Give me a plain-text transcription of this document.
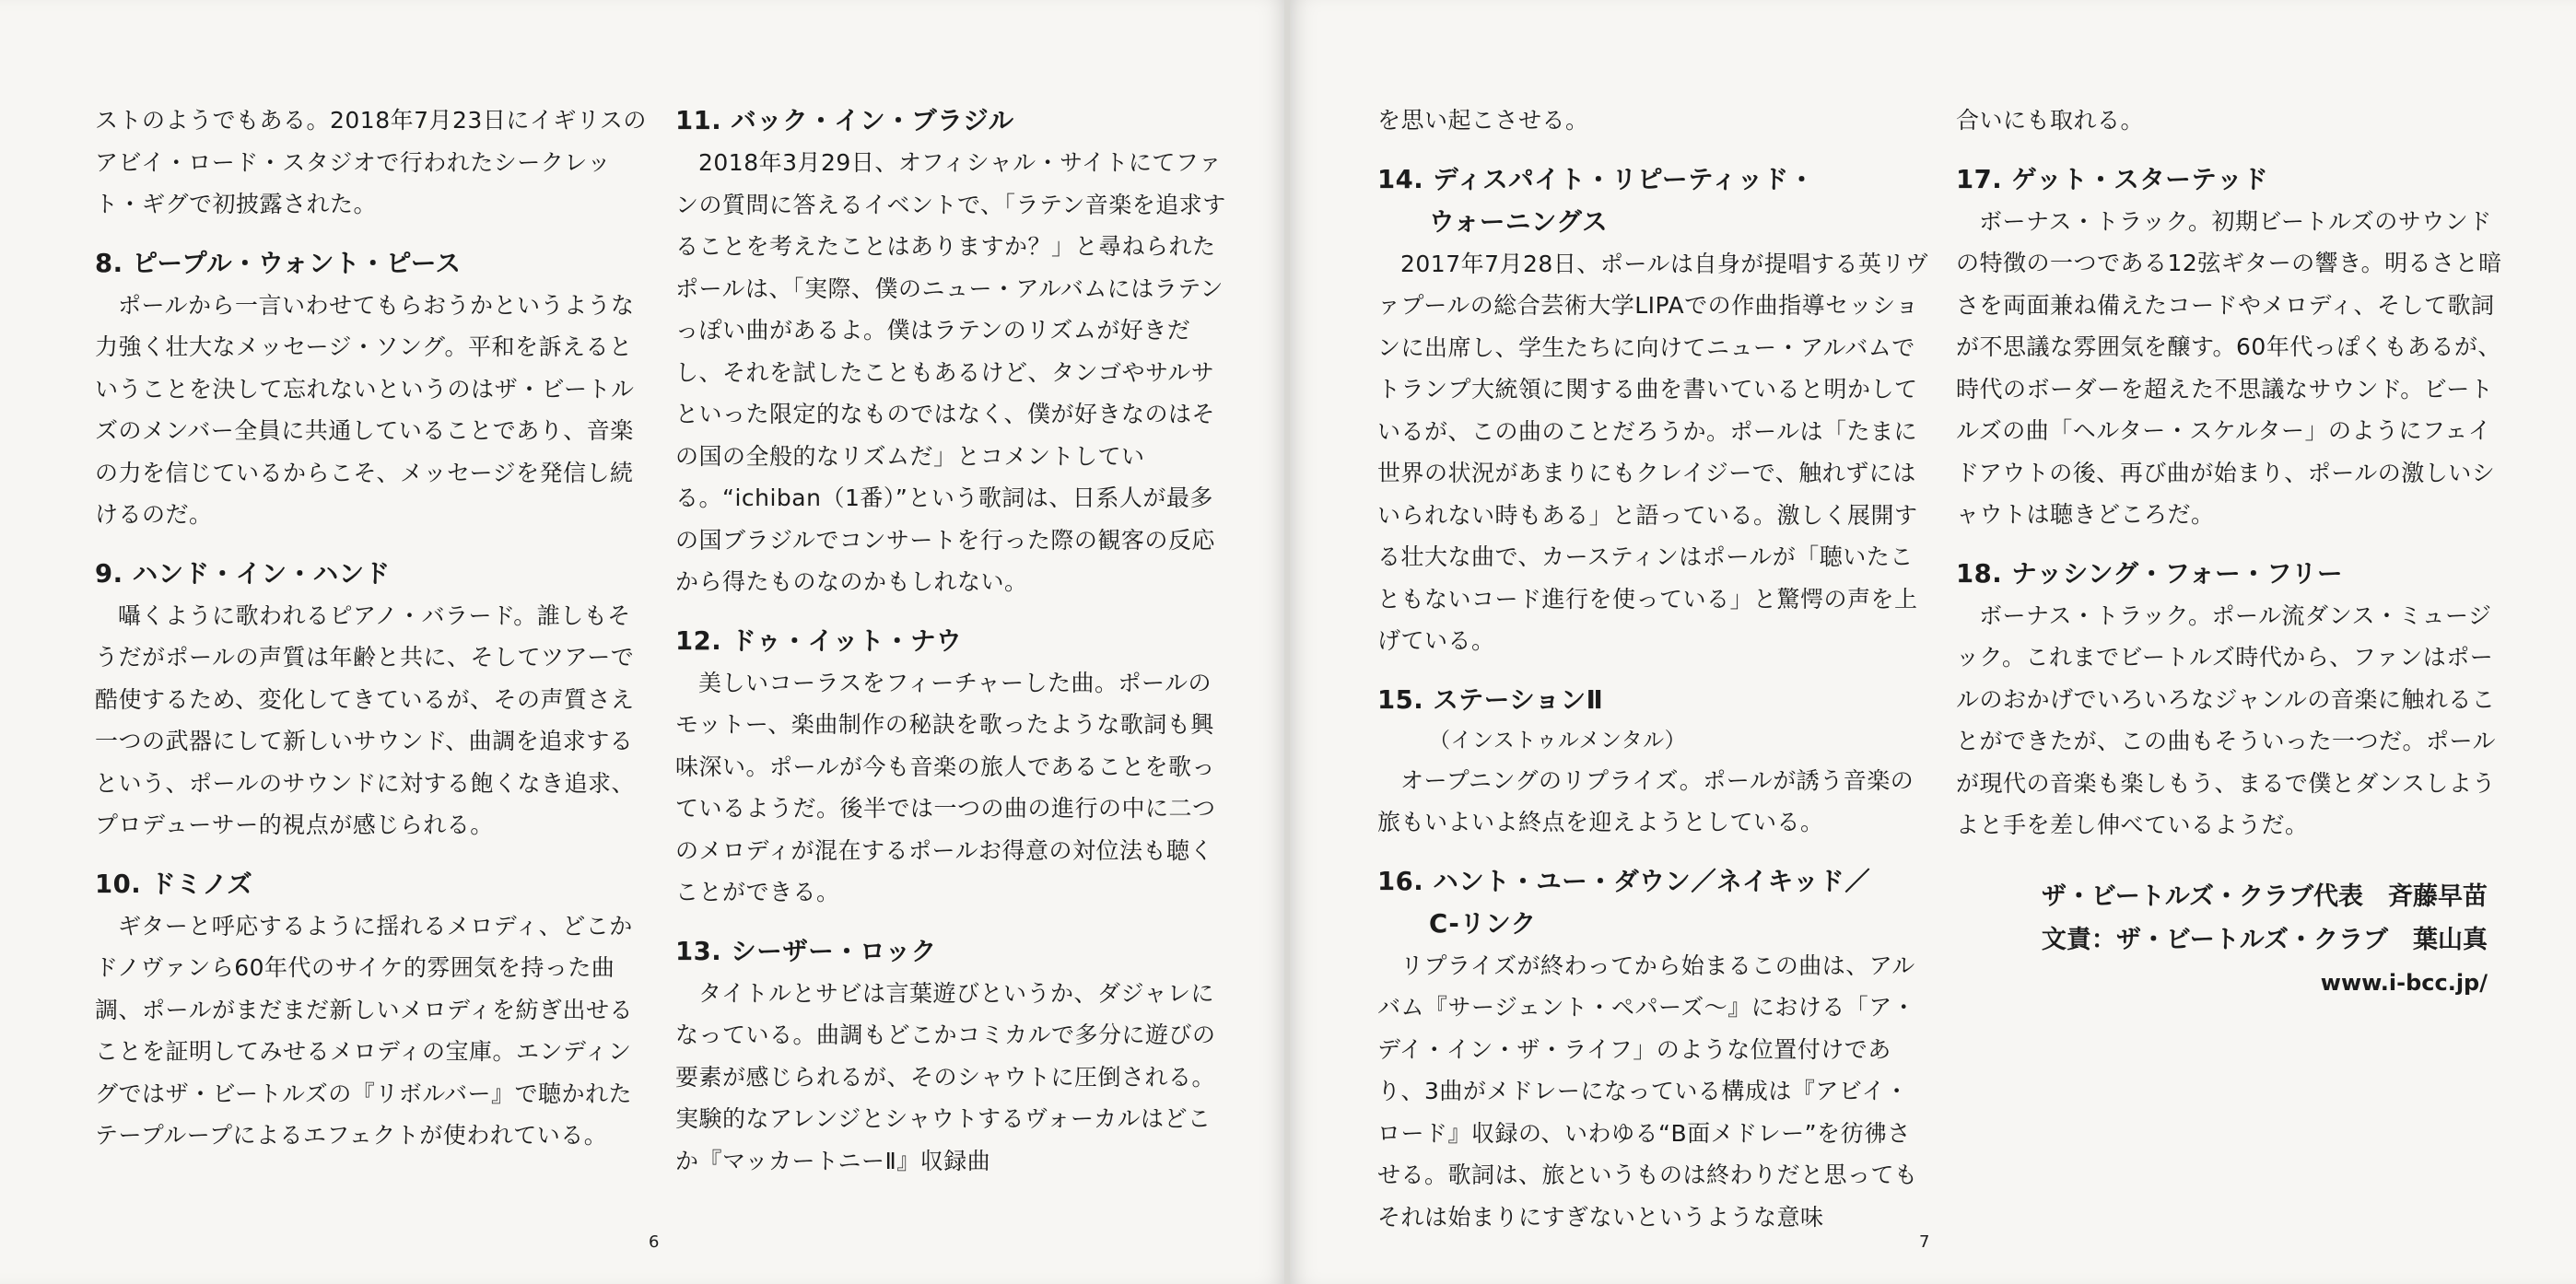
ストのようでもある。2018年7月23日にイギリスのアビイ・ロード・スタジオで行われたシークレット・ギグで初披露された。

8. ピープル・ウォント・ピース

ポールから一言いわせてもらおうかというような力強く壮大なメッセージ・ソング。平和を訴えるということを決して忘れないというのはザ・ビートルズのメンバー全員に共通していることであり、音楽の力を信じているからこそ、メッセージを発信し続けるのだ。

9. ハンド・イン・ハンド

囁くように歌われるピアノ・バラード。誰しもそうだがポールの声質は年齢と共に、そしてツアーで酷使するため、変化してきているが、その声質さえ一つの武器にして新しいサウンド、曲調を追求するという、ポールのサウンドに対する飽くなき追求、プロデューサー的視点が感じられる。

10. ドミノズ

ギターと呼応するように揺れるメロディ、どこかドノヴァンら60年代のサイケ的雰囲気を持った曲調、ポールがまだまだ新しいメロディを紡ぎ出せることを証明してみせるメロディの宝庫。エンディングではザ・ビートルズの『リボルバー』で聴かれたテープループによるエフェクトが使われている。

11. バック・イン・ブラジル

2018年3月29日、オフィシャル・サイトにてファンの質問に答えるイベントで、「ラテン音楽を追求することを考えたことはありますか？」と尋ねられたポールは、「実際、僕のニュー・アルバムにはラテンっぽい曲があるよ。僕はラテンのリズムが好きだし、それを試したこともあるけど、タンゴやサルサといった限定的なものではなく、僕が好きなのはその国の全般的なリズムだ」とコメントしている。“ichiban（1番）”という歌詞は、日系人が最多の国ブラジルでコンサートを行った際の観客の反応から得たものなのかもしれない。

12. ドゥ・イット・ナウ

美しいコーラスをフィーチャーした曲。ポールのモットー、楽曲制作の秘訣を歌ったような歌詞も興味深い。ポールが今も音楽の旅人であることを歌っているようだ。後半では一つの曲の進行の中に二つのメロディが混在するポールお得意の対位法も聴くことができる。

13. シーザー・ロック

タイトルとサビは言葉遊びというか、ダジャレになっている。曲調もどこかコミカルで多分に遊びの要素が感じられるが、そのシャウトに圧倒される。実験的なアレンジとシャウトするヴォーカルはどこか『マッカートニーⅡ』収録曲

6

を思い起こさせる。

14. ディスパイト・リピーティッド・
ウォーニングス

2017年7月28日、ポールは自身が提唱する英リヴァプールの総合芸術大学LIPAでの作曲指導セッションに出席し、学生たちに向けてニュー・アルバムでトランプ大統領に関する曲を書いていると明かしているが、この曲のことだろうか。ポールは「たまに世界の状況があまりにもクレイジーで、触れずにはいられない時もある」と語っている。激しく展開する壮大な曲で、カースティンはポールが「聴いたこともないコード進行を使っている」と驚愕の声を上げている。

15. ステーションⅡ
（インストゥルメンタル）

オープニングのリプライズ。ポールが誘う音楽の旅もいよいよ終点を迎えようとしている。

16. ハント・ユー・ダウン／ネイキッド／
C-リンク

リプライズが終わってから始まるこの曲は、アルバム『サージェント・ペパーズ〜』における「ア・デイ・イン・ザ・ライフ」のような位置付けであり、3曲がメドレーになっている構成は『アビイ・ロード』収録の、いわゆる“B面メドレー”を彷彿させる。歌詞は、旅というものは終わりだと思ってもそれは始まりにすぎないというような意味

合いにも取れる。

17. ゲット・スターテッド

ボーナス・トラック。初期ビートルズのサウンドの特徴の一つである12弦ギターの響き。明るさと暗さを両面兼ね備えたコードやメロディ、そして歌詞が不思議な雰囲気を醸す。60年代っぽくもあるが、時代のボーダーを超えた不思議なサウンド。ビートルズの曲「ヘルター・スケルター」のようにフェイドアウトの後、再び曲が始まり、ポールの激しいシャウトは聴きどころだ。

18. ナッシング・フォー・フリー

ボーナス・トラック。ポール流ダンス・ミュージック。これまでビートルズ時代から、ファンはポールのおかげでいろいろなジャンルの音楽に触れることができたが、この曲もそういった一つだ。ポールが現代の音楽も楽しもう、まるで僕とダンスしようよと手を差し伸べているようだ。

7
ザ・ビートルズ・クラブ代表　斉藤早苗
文責：ザ・ビートルズ・クラブ　葉山真
www.i-bcc.jp/
